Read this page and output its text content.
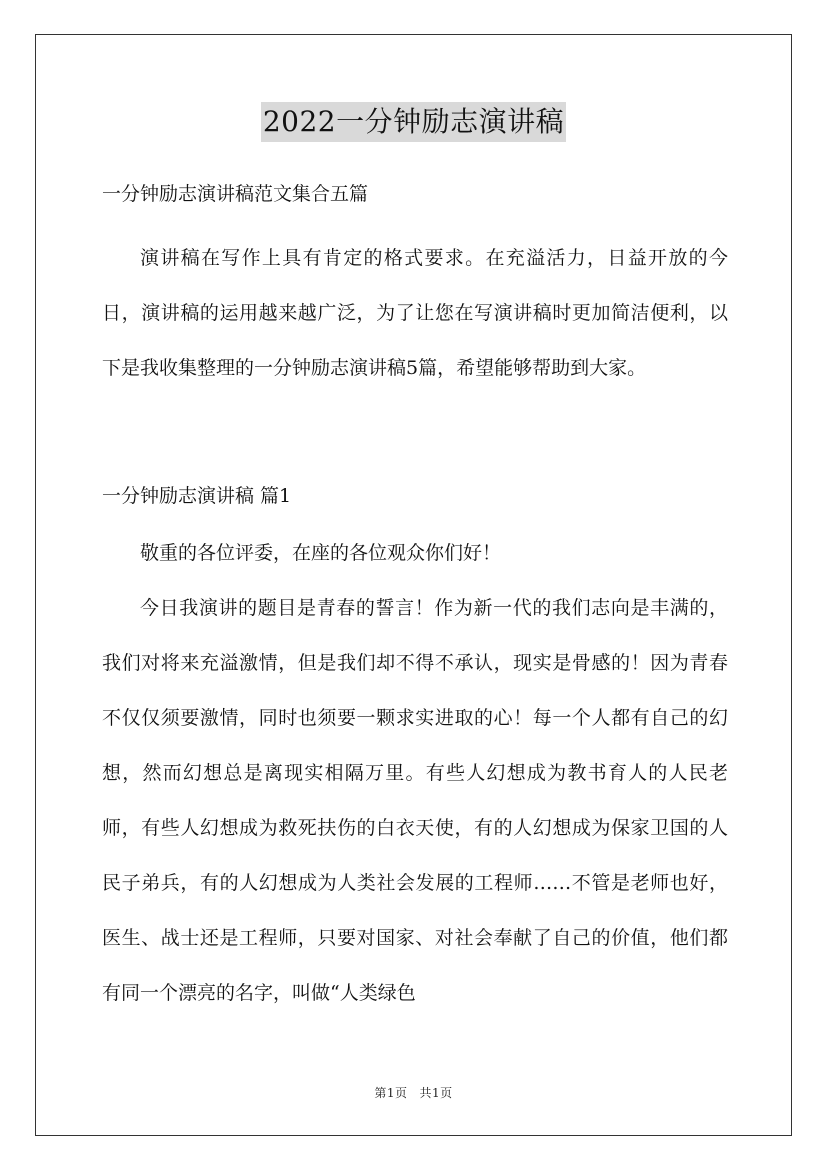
2022一分钟励志演讲稿

一分钟励志演讲稿范文集合五篇

演讲稿在写作上具有肯定的格式要求。在充溢活力，日益开放的今日，演讲稿的运用越来越广泛，为了让您在写演讲稿时更加简洁便利，以下是我收集整理的一分钟励志演讲稿5篇，希望能够帮助到大家。

一分钟励志演讲稿 篇1

敬重的各位评委，在座的各位观众你们好！

今日我演讲的题目是青春的誓言！作为新一代的我们志向是丰满的，我们对将来充溢激情，但是我们却不得不承认，现实是骨感的！因为青春不仅仅须要激情，同时也须要一颗求实进取的心！每一个人都有自己的幻想，然而幻想总是离现实相隔万里。有些人幻想成为教书育人的人民老师，有些人幻想成为救死扶伤的白衣天使，有的人幻想成为保家卫国的人民子弟兵，有的人幻想成为人类社会发展的工程师……不管是老师也好，医生、战士还是工程师，只要对国家、对社会奉献了自己的价值，他们都有同一个漂亮的名字，叫做“人类绿色

第1页 共1页
